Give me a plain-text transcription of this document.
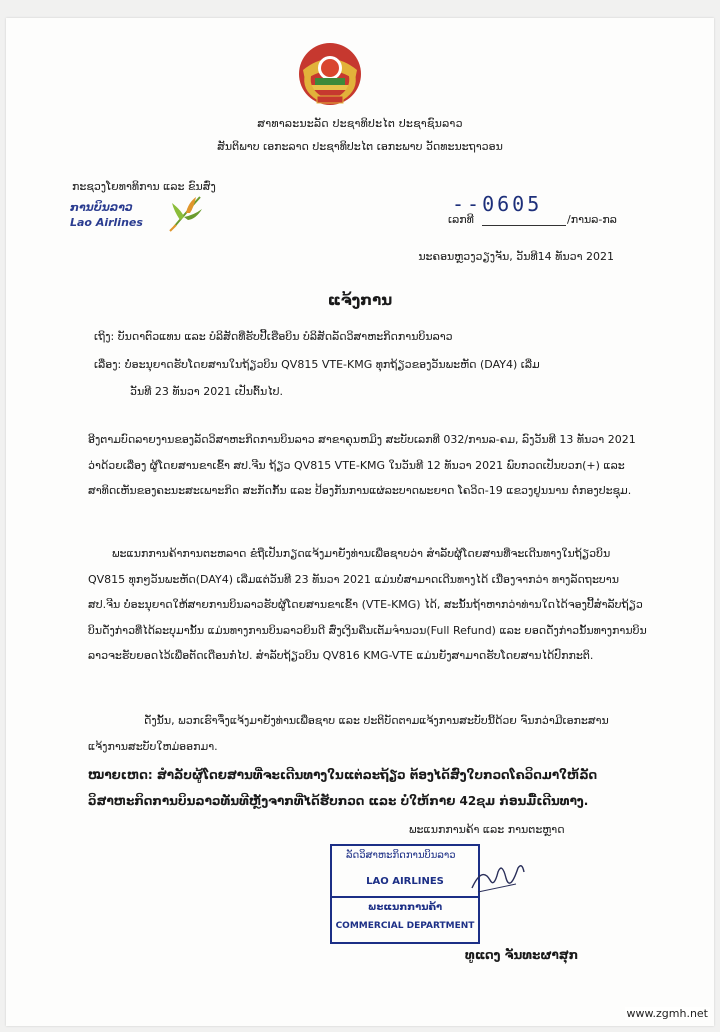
ສາທາລະນະລັດ ປະຊາທິປະໄຕ ປະຊາຊົນລາວ
ສັນຕິພາບ ເອກະລາດ ປະຊາທິປະໄຕ ເອກະພາບ ວັດທະນະຖາວອນ
ກະຊວງໂຍທາທິການ ແລະ ຂົນສົ່ງ
ການບິນລາວ
Lao Airlines
--0605
ເລກທີ	/ການລ-ກລ
ນະຄອນຫຼວງວຽງຈັນ, ວັນທີ14 ທັນວາ 2021
ແຈ້ງການ
ເຖິງ: ບັນດາຕົວແທນ ແລະ ບໍລິສັດທີ່ຮັບປີ້ເຮືອບິນ ບໍລິສັດລັດວິສາຫະກິດການບິນລາວ
ເລື່ອງ: ບໍ່ອະນຸຍາດຮັບໂດຍສານໃນຖ້ຽວບິນ QV815 VTE-KMG ທຸກຖ້ຽວຂອງວັນພະຫັດ (DAY4) ເລີ່ມ
ວັນທີ 23 ທັນວາ 2021 ເປັນຕົ້ນໄປ.
ອີງຕາມບົດລາຍງານຂອງລັດວິສາຫະກິດການບິນລາວ ສາຂາຄຸນຫມິງ ສະບັບເລກທີ 032/ການລ-ຄມ, ລົງວັນທີ 13 ທັນວາ 2021 ວ່າດ້ວຍເລື່ອງ ຜູ້ໂດຍສານຂາເຂົ້າ ສປ.ຈີນ ຖ້ຽວ QV815 VTE-KMG ໃນວັນທີ 12 ທັນວາ 2021 ພົບກວດເປັນບວກ(+) ແລະ ສາທິດເຫັນຂອງຄະນະສະເພາະກິດ ສະກັດກັ້ນ ແລະ ປ້ອງກັນການແຜ່ລະບາດພະຍາດ ໂຄວິດ-19 ແຂວງຢູນນານ ຕໍ່ກອງປະຊຸມ.
ພະແນກການຄ້າການຕະຫລາດ ຂໍຖືເປັນກຽດແຈ້ງມາຍັງທ່ານເພື່ອຊາບວ່າ ສຳລັບຜູ້ໂດຍສານທີ່ຈະເດີນທາງໃນຖ້ຽວບິນ QV815 ທຸກໆວັນພະຫັດ(DAY4) ເລີ່ມແຕ່ວັນທີ 23 ທັນວາ 2021 ແມ່ນບໍ່ສາມາດເດີນທາງໄດ້ ເນື່ອງຈາກວ່າ ທາງລັດຖະບານ ສປ.ຈີນ ບໍ່ອະນຸຍາດໃຫ້ສາຍການບິນລາວຮັບຜູ້ໂດຍສານຂາເຂົ້າ (VTE-KMG) ໄດ້, ສະນັ້ນຖ້າຫາກວ່າທ່ານໃດໄດ້ຈອງປີ້ສຳລັບຖ້ຽວບິນດັ່ງກ່າວທີ່ໄດ້ລະບຸມານັ້ນ ແມ່ນທາງການບິນລາວຍິນດີ ສົ່ງເງິນຄືນເຕັມຈຳນວນ(Full Refund) ແລະ ຍອດດັ່ງກ່າວນັ້ນທາງການບິນລາວຈະຮັບຍອດໄວ້ເພື່ອຕັດເດືອນກໍໄປ. ສຳລັບຖ້ຽວບິນ QV816 KMG-VTE ແມ່ນຍັງສາມາດຮັບໂດຍສານໄດ້ປົກກະຕິ.
ດັ່ງນັ້ນ, ພວກເຮົາຈຶ່ງແຈ້ງມາຍັງທ່ານເພື່ອຊາບ ແລະ ປະຕິບັດຕາມແຈ້ງການສະບັບນີ້ດ້ວຍ ຈົນກວ່າມີເອກະສານແຈ້ງການສະບັບໃຫມ່ອອກມາ.
ໝາຍເຫດ: ສຳລັບຜູ້ໂດຍສານທີ່ຈະເດີນທາງໃນແຕ່ລະຖ້ຽວ ຕ້ອງໄດ້ສົ່ງໃບກວດໂຄວິດມາໃຫ້ລັດວິສາຫະກິດການບິນລາວທັນທີຫຼັງຈາກທີ່ໄດ້ຮັບກວດ ແລະ ບໍ່ໃຫ້ກາຍ 42ຊມ ກ່ອນມື້ເດີນທາງ.
ພະແນກການຄ້າ ແລະ ການຕະຫຼາດ
ລັດວິສາຫະກິດການບິນລາວ
LAO AIRLINES
ພະແນກການຄ້າ
COMMERCIAL DEPARTMENT
ທູແດງ ຈັນທະຜາສຸກ
www.zgmh.net
